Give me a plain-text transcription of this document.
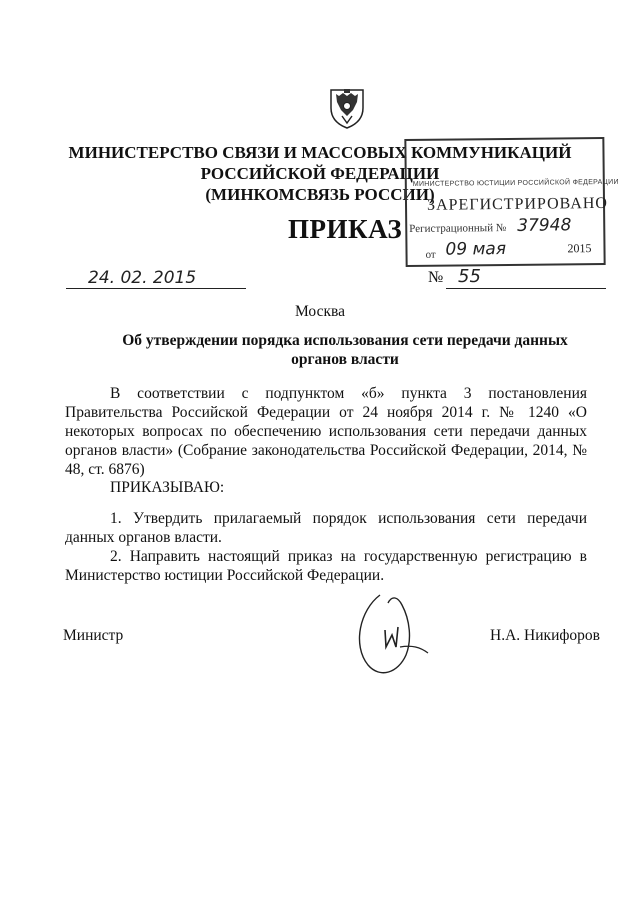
МИНИСТЕРСТВО СВЯЗИ И МАССОВЫХ КОММУНИКАЦИЙ
РОССИЙСКОЙ ФЕДЕРАЦИИ
(МИНКОМСВЯЗЬ РОССИИ)
ПРИКАЗ
МИНИСТЕРСТВО ЮСТИЦИИ РОССИЙСКОЙ ФЕДЕРАЦИИ
ЗАРЕГИСТРИРОВАНО
Регистрационный № 37948
от 09 мая	2015
24. 02. 2015	№ 55
Москва
Об утверждении порядка использования сети передачи данных
органов власти
В соответствии с подпунктом «б» пункта 3 постановления Правительства Российской Федерации от 24 ноября 2014 г. № 1240 «О некоторых вопросах по обеспечению использования сети передачи данных органов власти» (Собрание законодательства Российской Федерации, 2014, № 48, ст. 6876)
ПРИКАЗЫВАЮ:
1. Утвердить прилагаемый порядок использования сети передачи данных органов власти.
2. Направить настоящий приказ на государственную регистрацию в Министерство юстиции Российской Федерации.
Министр	Н.А. Никифоров
